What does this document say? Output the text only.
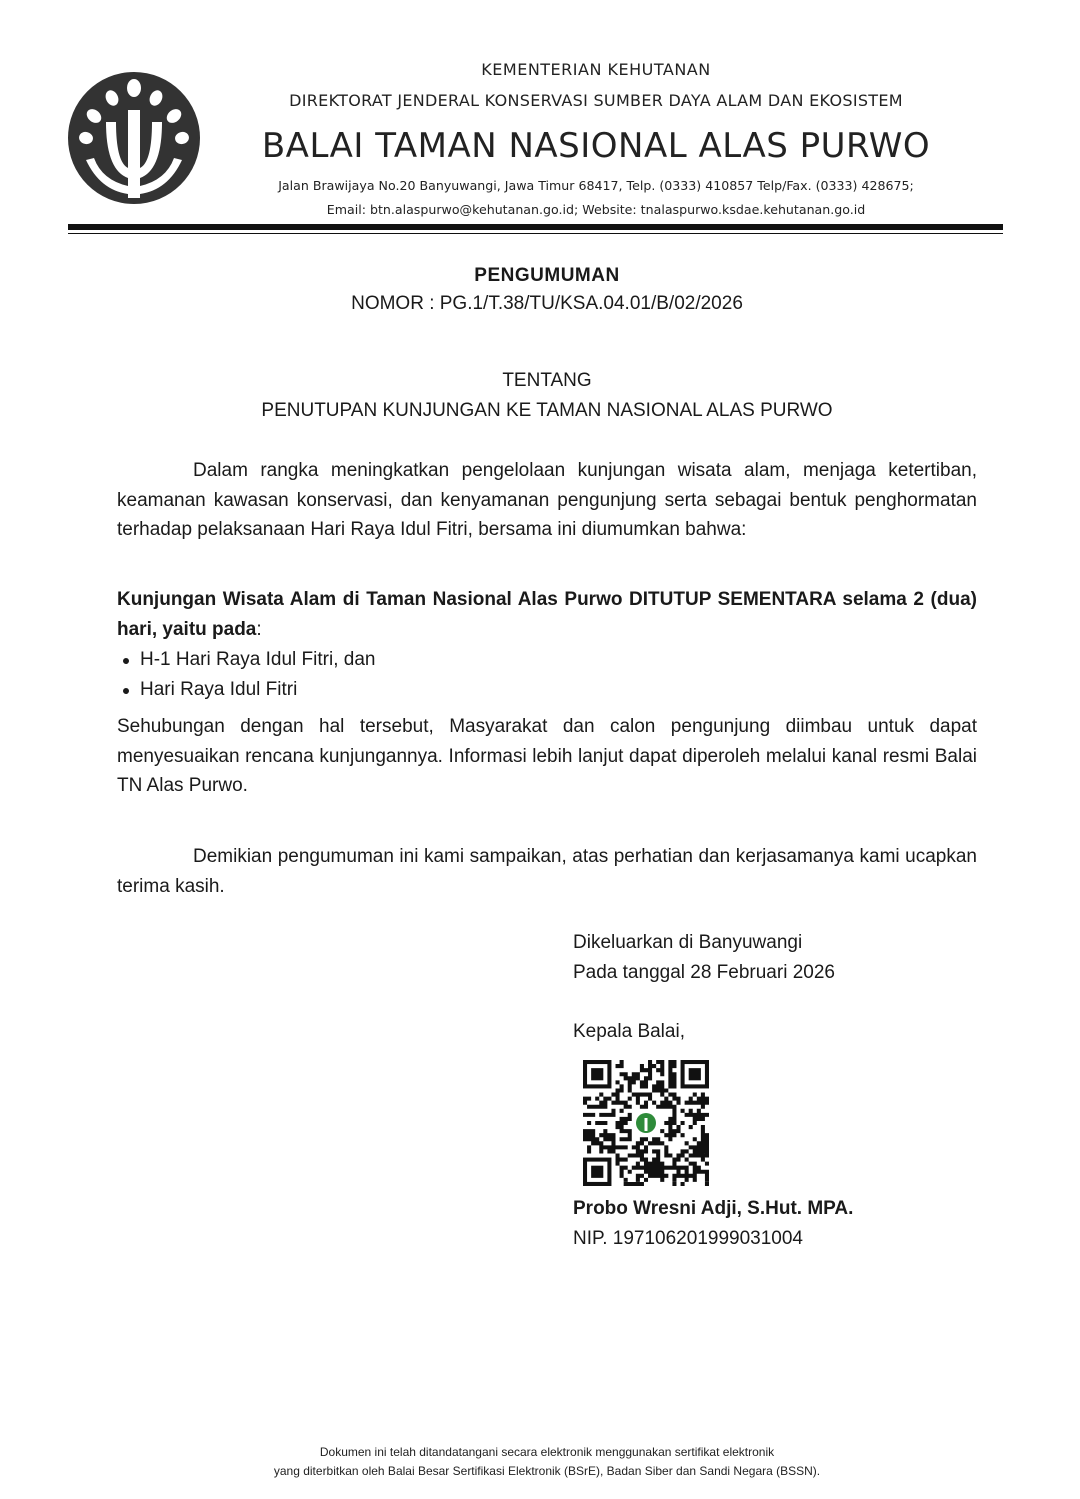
KEMENTERIAN KEHUTANAN
DIREKTORAT JENDERAL KONSERVASI SUMBER DAYA ALAM DAN EKOSISTEM
BALAI TAMAN NASIONAL ALAS PURWO
Jalan Brawijaya No.20 Banyuwangi, Jawa Timur 68417, Telp. (0333) 410857 Telp/Fax. (0333) 428675;
Email: btn.alaspurwo@kehutanan.go.id; Website: tnalaspurwo.ksdae.kehutanan.go.id
PENGUMUMAN
NOMOR : PG.1/T.38/TU/KSA.04.01/B/02/2026
TENTANG
PENUTUPAN KUNJUNGAN KE TAMAN NASIONAL ALAS PURWO
Dalam rangka meningkatkan pengelolaan kunjungan wisata alam, menjaga ketertiban, keamanan kawasan konservasi, dan kenyamanan pengunjung serta sebagai bentuk penghormatan terhadap pelaksanaan Hari Raya Idul Fitri, bersama ini diumumkan bahwa:
Kunjungan Wisata Alam di Taman Nasional Alas Purwo DITUTUP SEMENTARA selama 2 (dua) hari, yaitu pada:
H-1 Hari Raya Idul Fitri, dan
Hari Raya Idul Fitri
Sehubungan dengan hal tersebut, Masyarakat dan calon pengunjung diimbau untuk dapat menyesuaikan rencana kunjungannya. Informasi lebih lanjut dapat diperoleh melalui kanal resmi Balai TN Alas Purwo.
Demikian pengumuman ini kami sampaikan, atas perhatian dan kerjasamanya kami ucapkan terima kasih.
Dikeluarkan di Banyuwangi
Pada tanggal 28 Februari 2026
Kepala Balai,
Probo Wresni Adji, S.Hut. MPA.
NIP. 197106201999031004
Dokumen ini telah ditandatangani secara elektronik menggunakan sertifikat elektronik
yang diterbitkan oleh Balai Besar Sertifikasi Elektronik (BSrE), Badan Siber dan Sandi Negara (BSSN).
